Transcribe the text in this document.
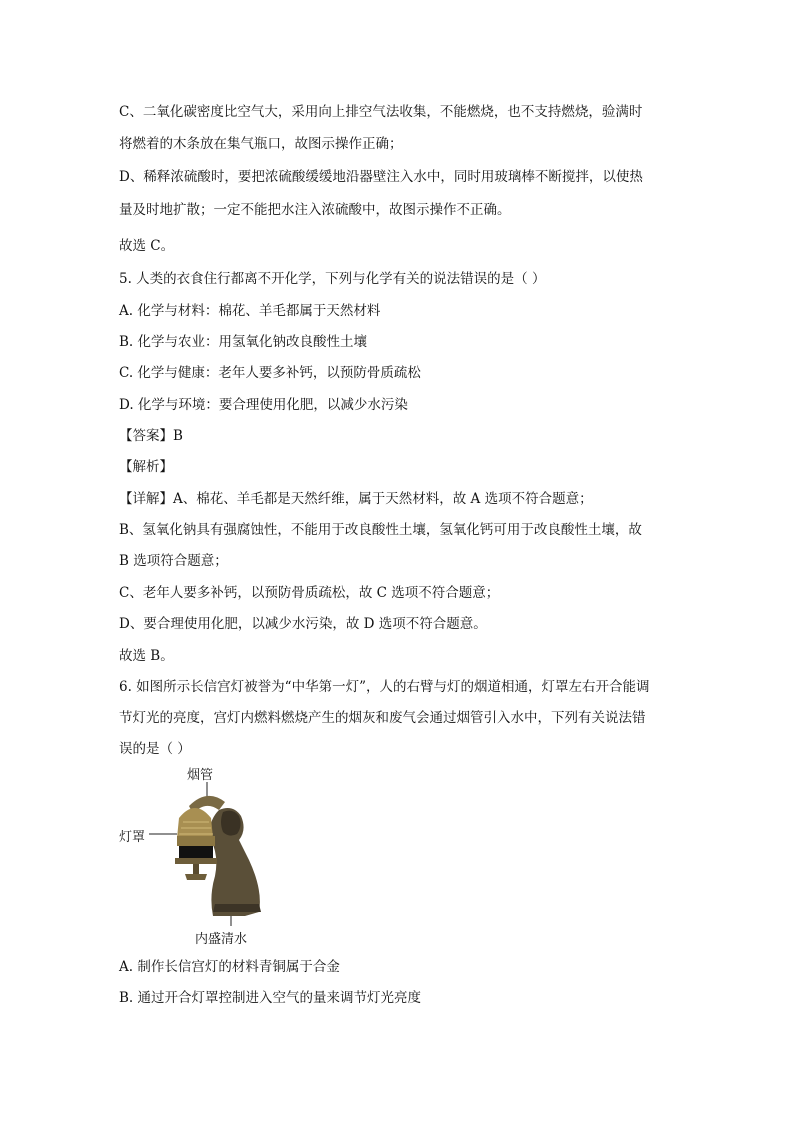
C、二氧化碳密度比空气大，采用向上排空气法收集，不能燃烧，也不支持燃烧，验满时
将燃着的木条放在集气瓶口，故图示操作正确；
D、稀释浓硫酸时，要把浓硫酸缓缓地沿器壁注入水中，同时用玻璃棒不断搅拌，以使热
量及时地扩散；一定不能把水注入浓硫酸中，故图示操作不正确。
故选 C。
5. 人类的衣食住行都离不开化学，下列与化学有关的说法错误的是（ ）
A. 化学与材料：棉花、羊毛都属于天然材料
B. 化学与农业：用氢氧化钠改良酸性土壤
C. 化学与健康：老年人要多补钙，以预防骨质疏松
D. 化学与环境：要合理使用化肥，以减少水污染
【答案】B
【解析】
【详解】A、棉花、羊毛都是天然纤维，属于天然材料，故 A 选项不符合题意；
B、氢氧化钠具有强腐蚀性，不能用于改良酸性土壤，氢氧化钙可用于改良酸性土壤，故
B 选项符合题意；
C、老年人要多补钙，以预防骨质疏松，故 C 选项不符合题意；
D、要合理使用化肥，以减少水污染，故 D 选项不符合题意。
故选 B。
6. 如图所示长信宫灯被誉为“中华第一灯”，人的右臂与灯的烟道相通，灯罩左右开合能调
节灯光的亮度，宫灯内燃料燃烧产生的烟灰和废气会通过烟管引入水中，下列有关说法错
误的是（ ）
烟管
灯罩
内盛清水
A. 制作长信宫灯的材料青铜属于合金
B. 通过开合灯罩控制进入空气的量来调节灯光亮度
